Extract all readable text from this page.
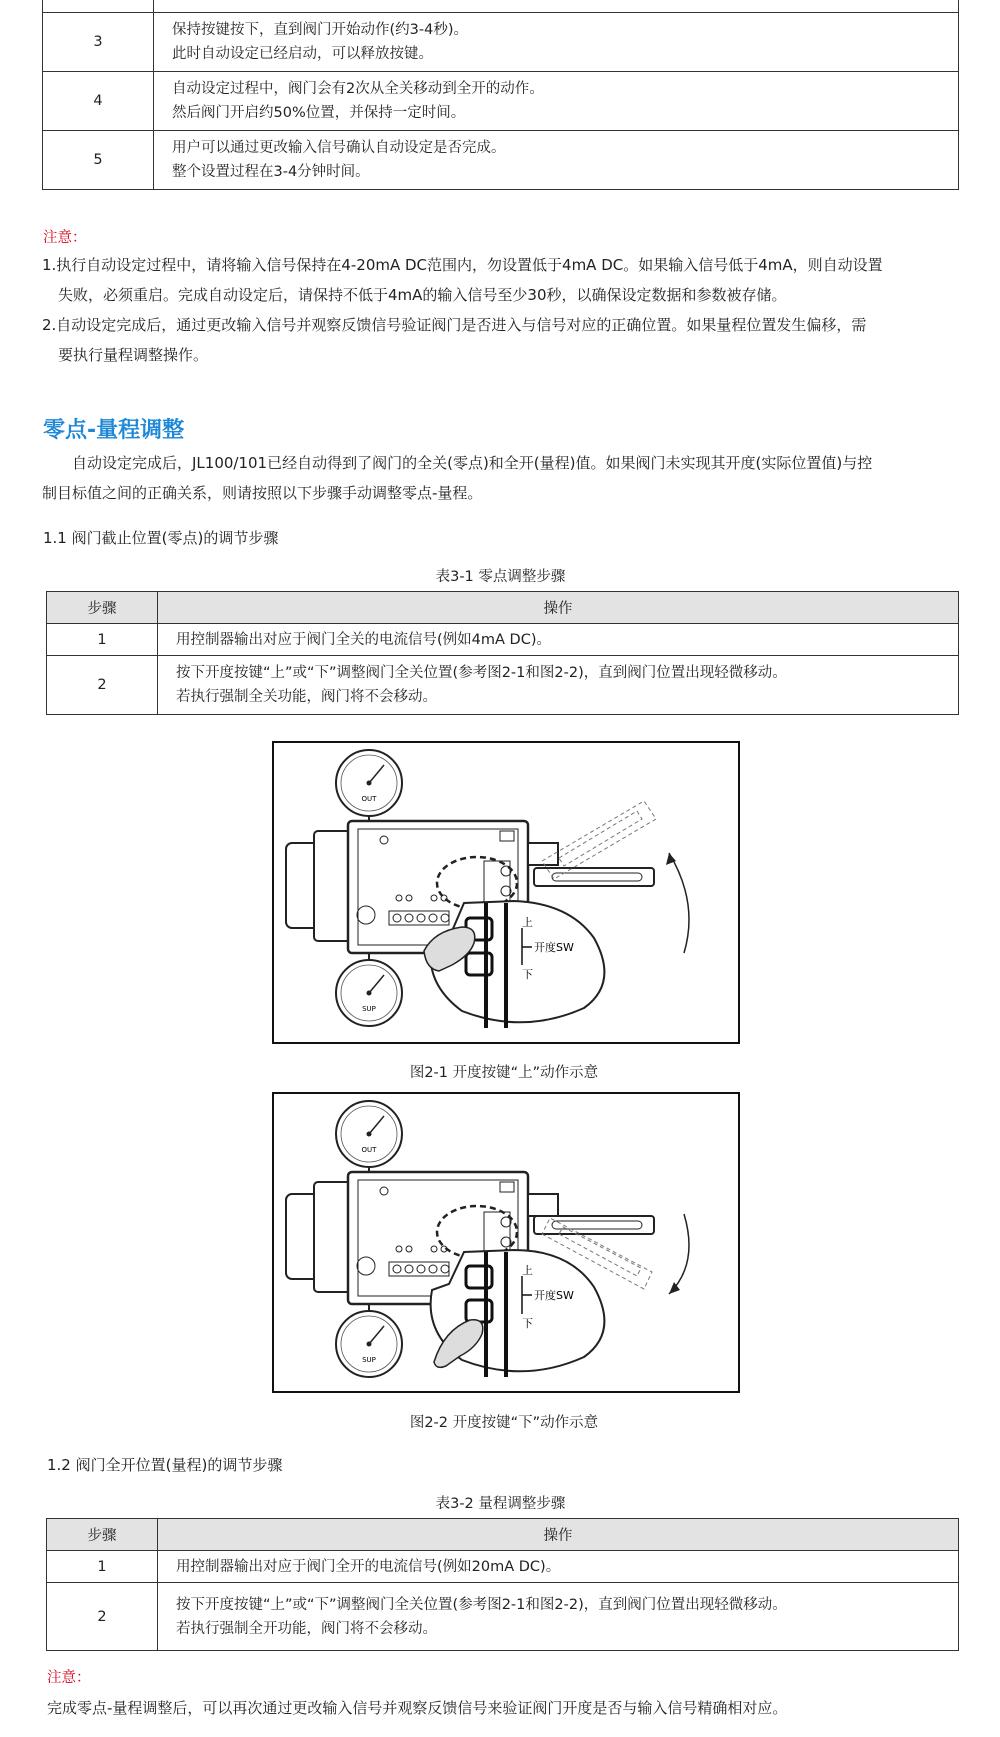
3	保持按键按下，直到阀门开始动作(约3-4秒)。
此时自动设定已经启动，可以释放按键。

4	自动设定过程中，阀门会有2次从全关移动到全开的动作。
然后阀门开启约50%位置，并保持一定时间。

5	用户可以通过更改输入信号确认自动设定是否完成。
整个设置过程在3-4分钟时间。
注意：
1.执行自动设定过程中，请将输入信号保持在4-20mA DC范围内，勿设置低于4mA DC。如果输入信号低于4mA，则自动设置
失败，必须重启。完成自动设定后，请保持不低于4mA的输入信号至少30秒，以确保设定数据和参数被存储。
2.自动设定完成后，通过更改输入信号并观察反馈信号验证阀门是否进入与信号对应的正确位置。如果量程位置发生偏移，需
要执行量程调整操作。
零点-量程调整
自动设定完成后，JL100/101已经自动得到了阀门的全关(零点)和全开(量程)值。如果阀门未实现其开度(实际位置值)与控
制目标值之间的正确关系，则请按照以下步骤手动调整零点-量程。
1.1 阀门截止位置(零点)的调节步骤
表3-1 零点调整步骤
步骤	操作
1	用控制器输出对应于阀门全关的电流信号(例如4mA DC)。
2	按下开度按键“上”或“下”调整阀门全关位置(参考图2-1和图2-2)，直到阀门位置出现轻微移动。
若执行强制全关功能，阀门将不会移动。
OUT
SUP
上
下
开度SW
图2-1 开度按键“上”动作示意
OUT
SUP
上
下
开度SW
图2-2 开度按键“下”动作示意
1.2 阀门全开位置(量程)的调节步骤
表3-2 量程调整步骤
步骤	操作
1	用控制器输出对应于阀门全开的电流信号(例如20mA DC)。
2	按下开度按键“上”或“下”调整阀门全关位置(参考图2-1和图2-2)，直到阀门位置出现轻微移动。
若执行强制全开功能，阀门将不会移动。
注意：
完成零点-量程调整后，可以再次通过更改输入信号并观察反馈信号来验证阀门开度是否与输入信号精确相对应。
